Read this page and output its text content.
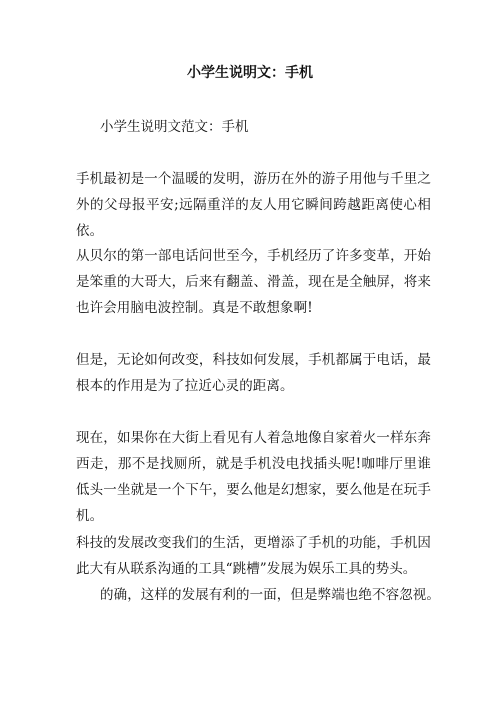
小学生说明文：手机

小学生说明文范文：手机

手机最初是一个温暖的发明，游历在外的游子用他与千里之外的父母报平安;远隔重洋的友人用它瞬间跨越距离使心相依。

从贝尔的第一部电话问世至今，手机经历了许多变革，开始是笨重的大哥大，后来有翻盖、滑盖，现在是全触屏，将来也许会用脑电波控制。真是不敢想象啊!

但是，无论如何改变，科技如何发展，手机都属于电话，最根本的作用是为了拉近心灵的距离。

现在，如果你在大街上看见有人着急地像自家着火一样东奔西走，那不是找厕所，就是手机没电找插头呢!咖啡厅里谁低头一坐就是一个下午，要么他是幻想家，要么他是在玩手机。

科技的发展改变我们的生活，更增添了手机的功能，手机因此大有从联系沟通的工具“跳槽”发展为娱乐工具的势头。

的确，这样的发展有利的一面，但是弊端也绝不容忽视。
